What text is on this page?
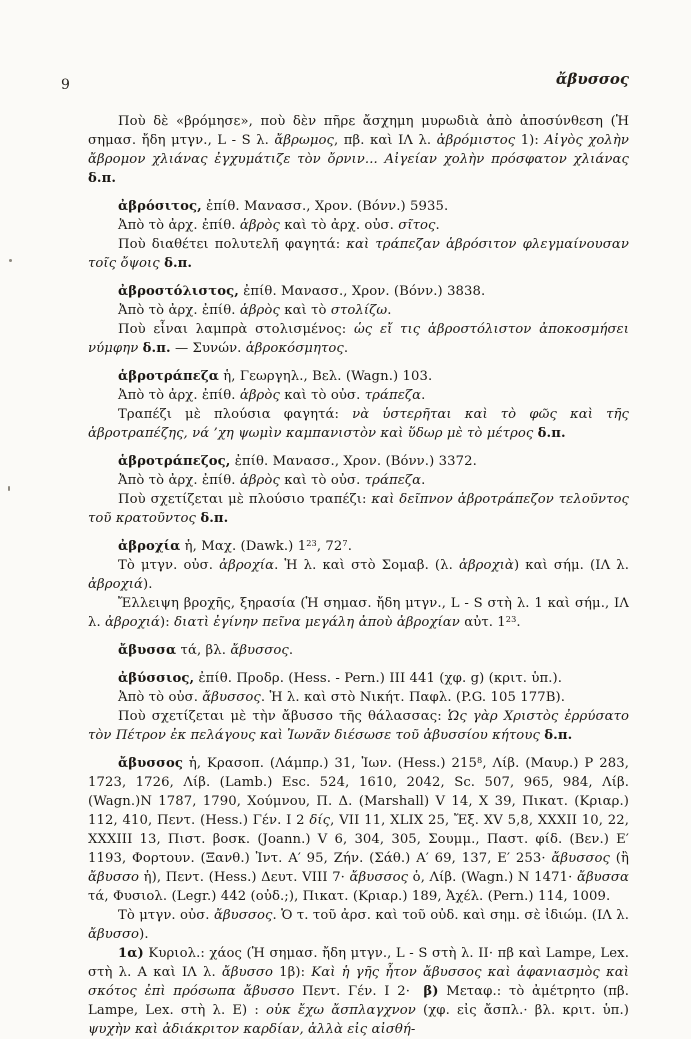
9	ἄβυσσος

Ποὺ δὲ «βρόμησε», ποὺ δὲν πῆρε ἄσχημη μυρωδιὰ ἀπὸ ἀποσύνθεση (Ἡ σημασ. ἤδη μτγν., L - S λ. ἄβρωμος, πβ. καὶ ΙΛ λ. ἀβρόμιστος 1): Αἰγὸς χολὴν ἄβρομον χλιάνας ἐγχυμάτιζε τὸν ὄρνιν... Αἰγείαν χολὴν πρόσφατον χλιάνας δ.π.

ἀβρόσιτος, ἐπίθ. Μανασσ., Χρον. (Βόνν.) 5935.

Ἀπὸ τὸ ἀρχ. ἐπίθ. ἁβρὸς καὶ τὸ ἀρχ. οὐσ. σῖτος.

Ποὺ διαθέτει πολυτελῆ φαγητά: καὶ τράπεζαν ἁβρόσιτον φλεγμαίνουσαν τοῖς ὄψοις δ.π.

ἀβροστόλιστος, ἐπίθ. Μανασσ., Χρον. (Βόνν.) 3838.

Ἀπὸ τὸ ἀρχ. ἐπίθ. ἁβρὸς καὶ τὸ στολίζω.

Ποὺ εἶναι λαμπρὰ στολισμένος: ὡς εἴ τις ἁβροστόλιστον ἀποκοσμήσει νύμφην δ.π. — Συνών. ἁβροκόσμητος.

ἁβροτράπεζα ἡ, Γεωργηλ., Βελ. (Wagn.) 103.

Ἀπὸ τὸ ἀρχ. ἐπίθ. ἁβρὸς καὶ τὸ οὐσ. τράπεζα.

Τραπέζι μὲ πλούσια φαγητά: νὰ ὑστερῆται καὶ τὸ φῶς καὶ τῆς ἁβροτραπέζης, νά ’χη ψωμὶν καμπανιστὸν καὶ ὕδωρ μὲ τὸ μέτρος δ.π.

ἁβροτράπεζος, ἐπίθ. Μανασσ., Χρον. (Βόνν.) 3372.

Ἀπὸ τὸ ἀρχ. ἐπίθ. ἁβρὸς καὶ τὸ οὐσ. τράπεζα.

Ποὺ σχετίζεται μὲ πλούσιο τραπέζι: καὶ δεῖπνον ἁβροτράπεζον τελοῦντος τοῦ κρατοῦντος δ.π.

ἀβροχία ἡ, Μαχ. (Dawk.) $1^{23}$, $72^7$.

Τὸ μτγν. οὐσ. ἀβροχία. Ἡ λ. καὶ στὸ Σομαβ. (λ. ἀβροχιὰ) καὶ σήμ. (ΙΛ λ. ἀβροχιά).

Ἔλλειψη βροχῆς, ξηρασία (Ἡ σημασ. ἤδη μτγν., L - S στὴ λ. 1 καὶ σήμ., ΙΛ λ. ἀβροχιά): διατὶ ἐγίνην πεῖνα μεγάλη ἀποὺ ἀβροχίαν αὐτ. $1^{23}$.

ἄβυσσα τά, βλ. ἄβυσσος.

ἀβύσσιος, ἐπίθ. Προδρ. (Hess. - Pern.) ΙΙΙ 441 (χφ. g) (κριτ. ὑπ.).

Ἀπὸ τὸ οὐσ. ἄβυσσος. Ἡ λ. καὶ στὸ Νικήτ. Παφλ. (P.G. 105 177B).

Ποὺ σχετίζεται μὲ τὴν ἄβυσσο τῆς θάλασσας: Ὡς γὰρ Χριστὸς ἐρρύσατο τὸν Πέτρον ἐκ πελάγους καὶ Ἰωνᾶν διέσωσε τοῦ ἀβυσσίου κήτους δ.π.

ἄβυσσος ἡ, Κρασοπ. (Λάμπρ.) 31, Ἰων. (Hess.) $215^8$, Λίβ. (Μαυρ.) P 283, 1723, 1726, Λίβ. (Lamb.) Esc. 524, 1610, 2042, Sc. 507, 965, 984, Λίβ. (Wagn.)N 1787, 1790, Χούμνου, Π. Δ. (Marshall) V 14, X 39, Πικατ. (Κριαρ.) 112, 410, Πεντ. (Hess.) Γέν. Ι 2 δίς, VII 11, XLIX 25, Ἔξ. XV 5,8, XXXII 10, 22, XXXIII 13, Πιστ. βοσκ. (Joann.) V 6, 304, 305, Σουμμ., Παστ. φίδ. (Βεν.) Ε′ 1193, Φορτουν. (Ξανθ.) Ἰντ. Α′ 95, Ζήν. (Σάθ.) Α′ 69, 137, Ε′ 253· ἄβυσσος (ἢ ἄβυσσο ἡ), Πεντ. (Hess.) Δευτ. VIII 7· ἄβυσσος ὁ, Λίβ. (Wagn.) N 1471· ἄβυσσα τά, Φυσιολ. (Legr.) 442 (οὐδ.;), Πικατ. (Κριαρ.) 189, Ἀχέλ. (Pern.) 114, 1009.

Τὸ μτγν. οὐσ. ἄβυσσος. Ὁ τ. τοῦ ἀρσ. καὶ τοῦ οὐδ. καὶ σημ. σὲ ἰδιώμ. (ΙΛ λ. ἄβυσσο).

1α) Κυριολ.: χάος (Ἡ σημασ. ἤδη μτγν., L - S στὴ λ. ΙΙ· πβ καὶ Lampe, Lex. στὴ λ. Α καὶ ΙΛ λ. ἄβυσσο 1β): Καὶ ἡ γῆς ἦτον ἄβυσσος καὶ ἀφανιασμὸς καὶ σκότος ἐπὶ πρόσωπα ἄβυσσο Πεντ. Γέν. Ι 2·  β) Μεταφ.: τὸ ἀμέτρητο (πβ. Lampe, Lex. στὴ λ. Ε) : οὐκ ἔχω ἄσπλαγχνον (χφ. εἰς ἄσπλ.· βλ. κριτ. ὑπ.) ψυχὴν καὶ ἀδιάκριτον καρδίαν, ἀλλὰ εἰς αἰσθή-
